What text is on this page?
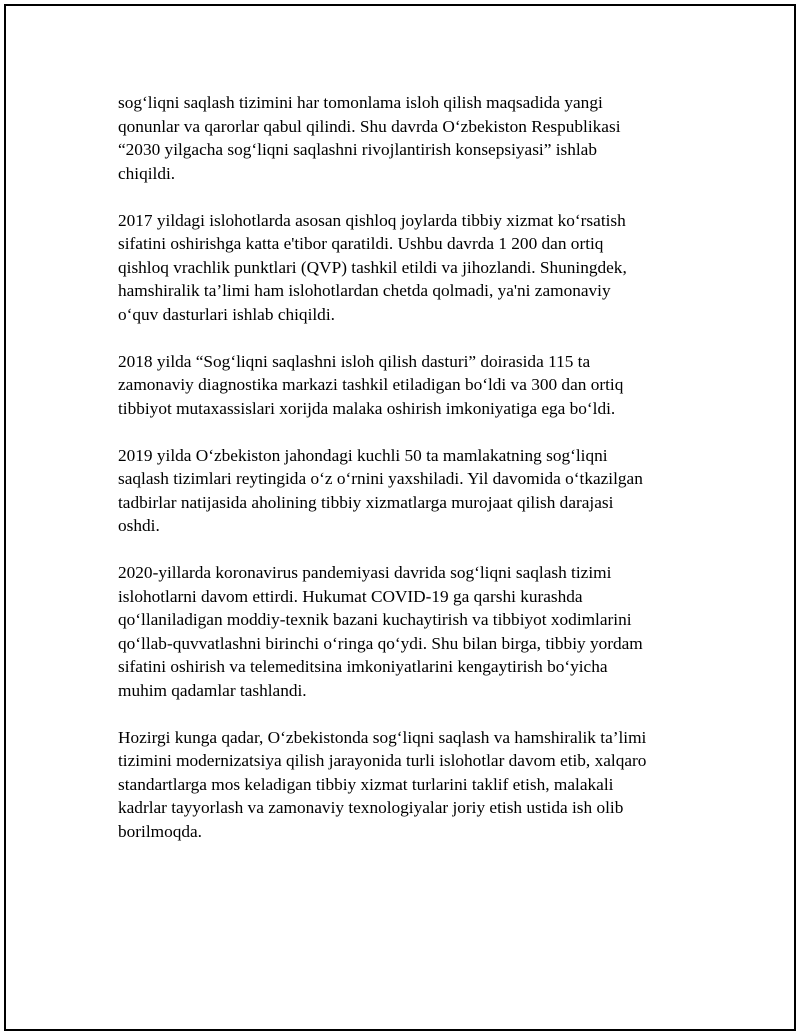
sog‘liqni saqlash tizimini har tomonlama isloh qilish maqsadida yangi
qonunlar va qarorlar qabul qilindi. Shu davrda O‘zbekiston Respublikasi
“2030 yilgacha sog‘liqni saqlashni rivojlantirish konsepsiyasi” ishlab
chiqildi.

2017 yildagi islohotlarda asosan qishloq joylarda tibbiy xizmat ko‘rsatish
sifatini oshirishga katta e'tibor qaratildi. Ushbu davrda 1 200 dan ortiq
qishloq vrachlik punktlari (QVP) tashkil etildi va jihozlandi. Shuningdek,
hamshiralik ta’limi ham islohotlardan chetda qolmadi, ya'ni zamonaviy
o‘quv dasturlari ishlab chiqildi.

2018 yilda “Sog‘liqni saqlashni isloh qilish dasturi” doirasida 115 ta
zamonaviy diagnostika markazi tashkil etiladigan bo‘ldi va 300 dan ortiq
tibbiyot mutaxassislari xorijda malaka oshirish imkoniyatiga ega bo‘ldi.

2019 yilda O‘zbekiston jahondagi kuchli 50 ta mamlakatning sog‘liqni
saqlash tizimlari reytingida o‘z o‘rnini yaxshiladi. Yil davomida o‘tkazilgan
tadbirlar natijasida aholining tibbiy xizmatlarga murojaat qilish darajasi
oshdi.

2020-yillarda koronavirus pandemiyasi davrida sog‘liqni saqlash tizimi
islohotlarni davom ettirdi. Hukumat COVID-19 ga qarshi kurashda
qo‘llaniladigan moddiy-texnik bazani kuchaytirish va tibbiyot xodimlarini
qo‘llab-quvvatlashni birinchi o‘ringa qo‘ydi. Shu bilan birga, tibbiy yordam
sifatini oshirish va telemeditsina imkoniyatlarini kengaytirish bo‘yicha
muhim qadamlar tashlandi.

Hozirgi kunga qadar, O‘zbekistonda sog‘liqni saqlash va hamshiralik ta’limi
tizimini modernizatsiya qilish jarayonida turli islohotlar davom etib, xalqaro
standartlarga mos keladigan tibbiy xizmat turlarini taklif etish, malakali
kadrlar tayyorlash va zamonaviy texnologiyalar joriy etish ustida ish olib
borilmoqda.
